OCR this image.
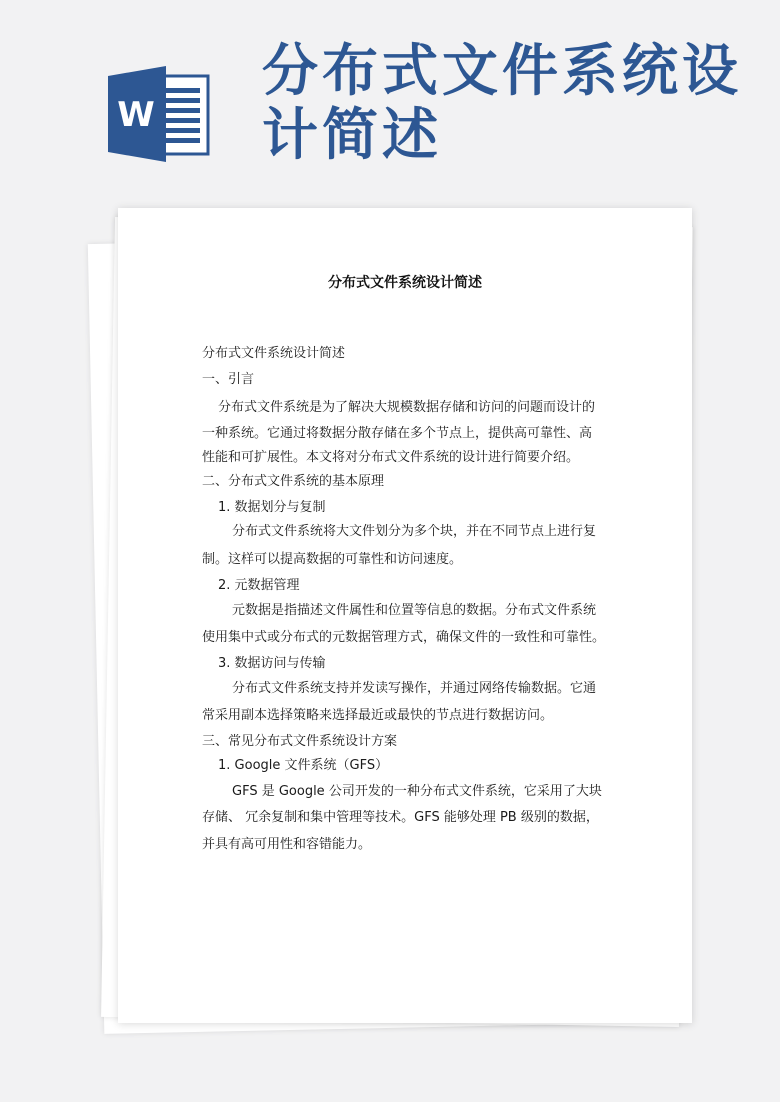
W
分布式文件系统设
计简述
分布式文件系统设计简述
分布式文件系统设计简述
一、引言
分布式文件系统是为了解决大规模数据存储和访问的问题而设计的
一种系统。它通过将数据分散存储在多个节点上，提供高可靠性、高
性能和可扩展性。本文将对分布式文件系统的设计进行简要介绍。
二、分布式文件系统的基本原理
1. 数据划分与复制
分布式文件系统将大文件划分为多个块，并在不同节点上进行复
制。这样可以提高数据的可靠性和访问速度。
2. 元数据管理
元数据是指描述文件属性和位置等信息的数据。分布式文件系统
使用集中式或分布式的元数据管理方式，确保文件的一致性和可靠性。
3. 数据访问与传输
分布式文件系统支持并发读写操作，并通过网络传输数据。它通
常采用副本选择策略来选择最近或最快的节点进行数据访问。
三、常见分布式文件系统设计方案
1. Google 文件系统（GFS）
GFS 是 Google 公司开发的一种分布式文件系统，它采用了大块
存储、 冗余复制和集中管理等技术。GFS 能够处理 PB 级别的数据，
并具有高可用性和容错能力。
